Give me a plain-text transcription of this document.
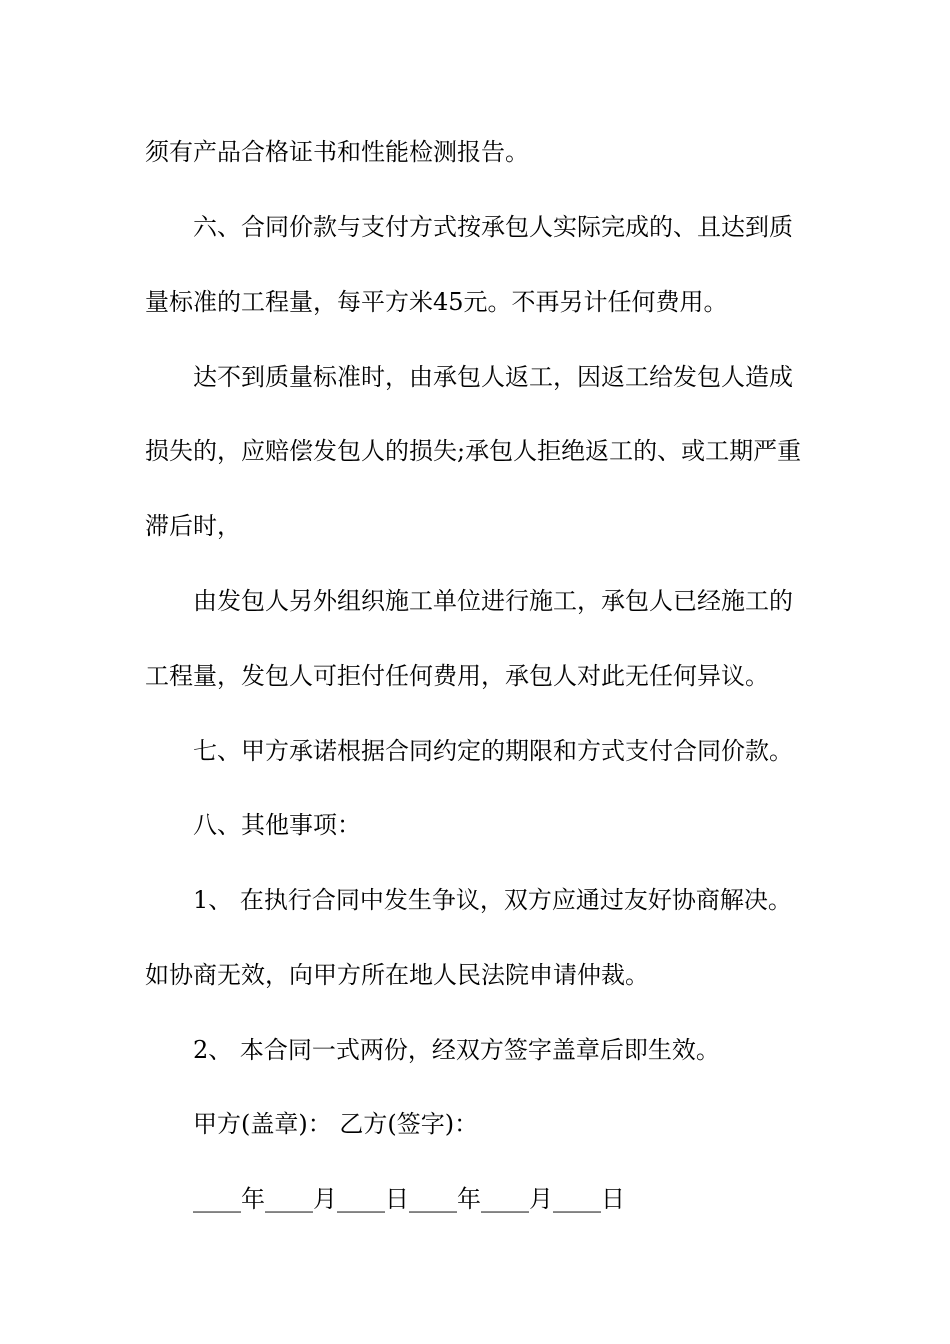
须有产品合格证书和性能检测报告。

六、合同价款与支付方式按承包人实际完成的、且达到质

量标准的工程量，每平方米45元。不再另计任何费用。

达不到质量标准时，由承包人返工，因返工给发包人造成

损失的，应赔偿发包人的损失;承包人拒绝返工的、或工期严重

滞后时，

由发包人另外组织施工单位进行施工，承包人已经施工的

工程量，发包人可拒付任何费用，承包人对此无任何异议。

七、甲方承诺根据合同约定的期限和方式支付合同价款。

八、其他事项：

1、 在执行合同中发生争议，双方应通过友好协商解决。

如协商无效，向甲方所在地人民法院申请仲裁。

2、 本合同一式两份，经双方签字盖章后即生效。

甲方(盖章)： 乙方(签字)：

____年____月____日____年____月____日
